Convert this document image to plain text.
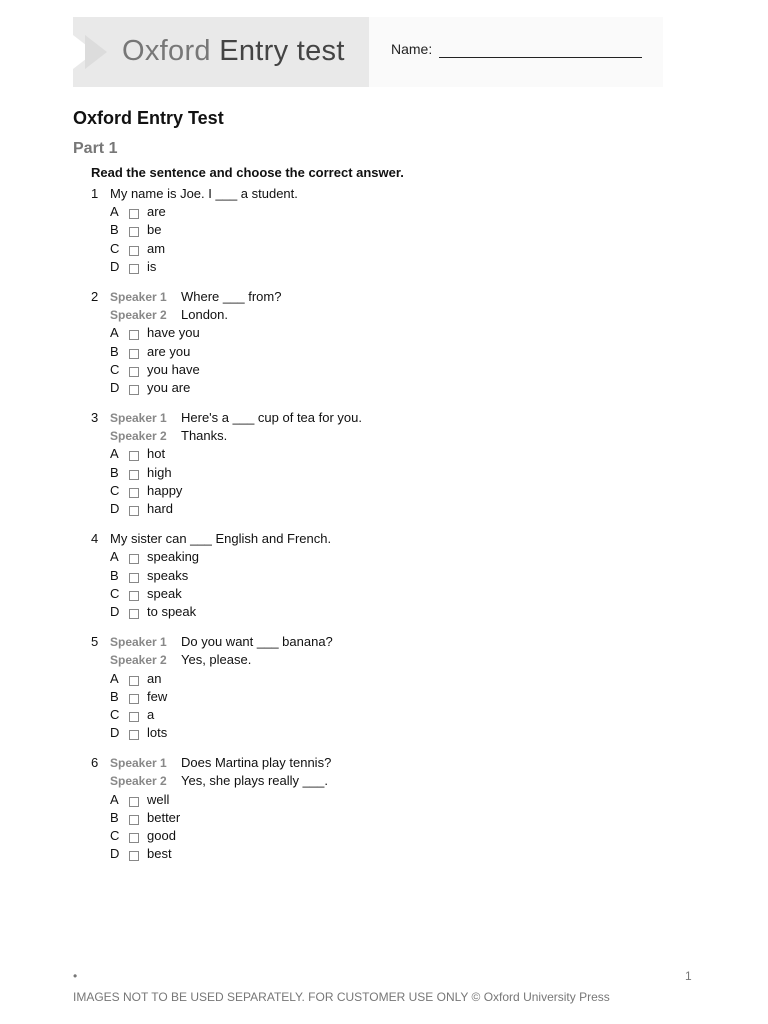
Oxford Entry test	Name:
Oxford Entry Test
Part 1
Read the sentence and choose the correct answer.
1 My name is Joe. I ___ a student.
A are
B be
C am
D is
2 Speaker 1 Where ___ from?
Speaker 2 London.
A have you
B are you
C you have
D you are
3 Speaker 1 Here's a ___ cup of tea for you.
Speaker 2 Thanks.
A hot
B high
C happy
D hard
4 My sister can ___ English and French.
A speaking
B speaks
C speak
D to speak
5 Speaker 1 Do you want ___ banana?
Speaker 2 Yes, please.
A an
B few
C a
D lots
6 Speaker 1 Does Martina play tennis?
Speaker 2 Yes, she plays really ___.
A well
B better
C good
D best
•	1
IMAGES NOT TO BE USED SEPARATELY. FOR CUSTOMER USE ONLY © Oxford University Press
